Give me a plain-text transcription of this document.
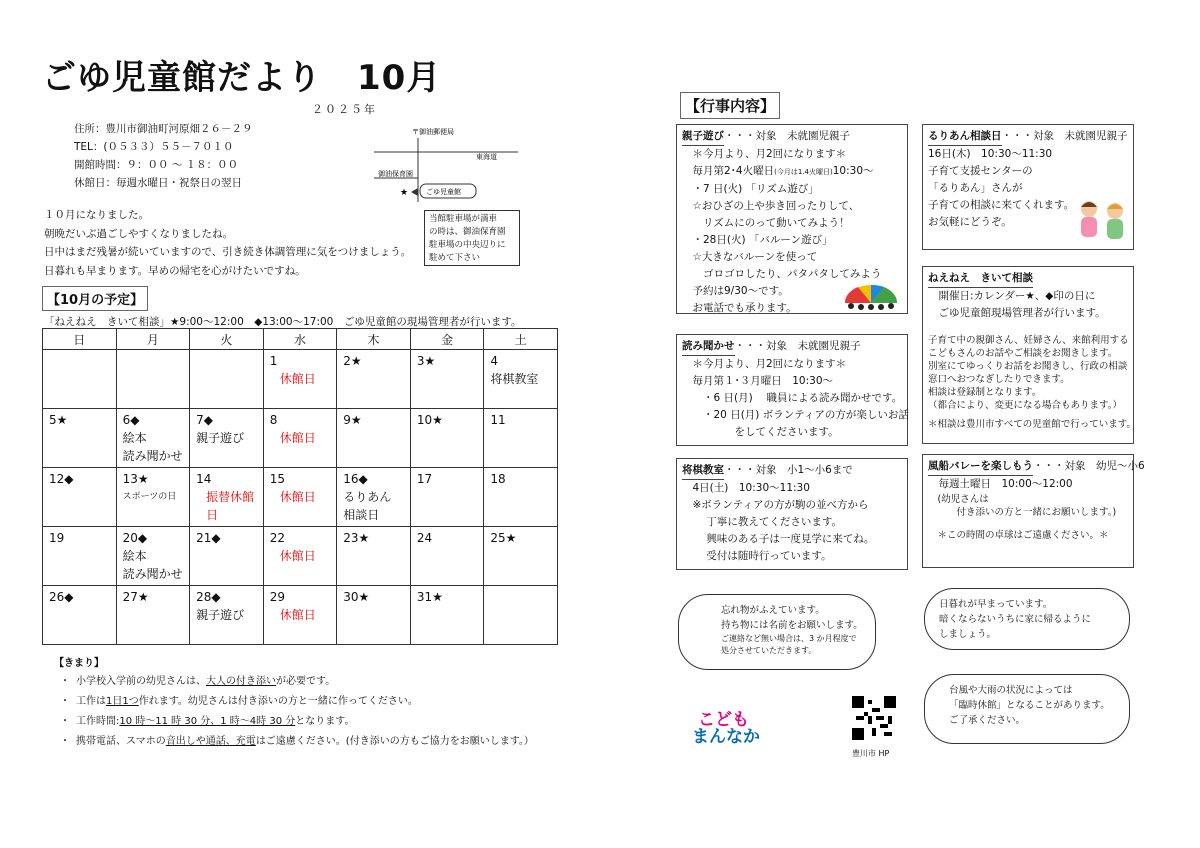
ごゆ児童館だより　10月
２０２５年
住所：豊川市御油町河原畑２６－２９
TEL：(０５３３）５５－７０１０
開館時間：９：００ ～ １８：００
休館日：毎週水曜日・祝祭日の翌日
〒御油郵便局
東海道
御油保育園
★	ごゆ児童館
当館駐車場が満車
の時は、御油保育園
駐車場の中央辺りに
駐めて下さい
１０月になりました。
朝晩だいぶ過ごしやすくなりましたね。
日中はまだ残暑が続いていますので、引き続き体調管理に気をつけましょう。
日暮れも早まります。早めの帰宅を心がけたいですね。
【10月の予定】
「ねえねえ　きいて相談」★9:00～12:00　◆13:00～17:00　ごゆ児童館の現場管理者が行います。
日	月	火	水	木	金	土

			1
休館日	2★	3★	4
将棋教室

5★	6◆
絵本
読み聞かせ	7◆
親子遊び	8
休館日	9★	10★	11

12◆	13★
スポーツの日	14
振替休館日	15
休館日	16◆
るりあん
相談日	17	18

19	20◆
絵本
読み聞かせ	21◆	22
休館日	23★	24	25★

26◆	27★	28◆
親子遊び	29
休館日	30★	31★	

【きまり】
・ 小学校入学前の幼児さんは、大人の付き添いが必要です。
・ 工作は1日1つ作れます。幼児さんは付き添いの方と一緒に作ってください。
・ 工作時間:10 時～11 時 30 分、1 時～4時 30 分となります。
・ 携帯電話、スマホの音出しや通話、充電はご遠慮ください。(付き添いの方もご協力をお願いします。）
【行事内容】
親子遊び・・・対象　未就園児親子
　＊今月より、月2回になります＊
　毎月第2･4火曜日(今月は1.4火曜日)10:30～
　・7 日(火) 「リズム遊び」
　☆おひざの上や歩き回ったりして、
　　リズムにのって動いてみよう！
　・28日(火) 「バルーン遊び」
　☆大きなバルーンを使って
　　ゴロゴロしたり、パタパタしてみよう
　予約は9/30～です。
　お電話でも承ります。
読み聞かせ・・・対象　未就園児親子
　＊今月より、月2回になります＊
　毎月第１･３月曜日　10:30～
　　・6 日(月)　 職員による読み聞かせです。
　　・20 日(月) ボランティアの方が楽しいお話
　　　　　をしてくださいます。
将棋教室・・・対象　小1～小6まで
　4日(土)　10:30～11:30
　※ボランティアの方が駒の並べ方から
　　 丁寧に教えてくださいます。
　　 興味のある子は一度見学に来てね。
　　 受付は随時行っています。
るりあん相談日・・・対象　未就園児親子
16日(木)　10:30～11:30
子育て支援センターの
「るりあん」さんが
子育ての相談に来てくれます。
お気軽にどうぞ。
ねえねえ　きいて相談
　開催日:カレンダー★、◆印の日に
　ごゆ児童館現場管理者が行います。
子育て中の親御さん、妊婦さん、来館利用する
こどもさんのお話やご相談をお聞きします。
別室にてゆっくりお話をお聞きし、行政の相談
窓口へおつなぎしたりできます。
相談は登録制となります。
（都合により、変更になる場合もあります。）
＊相談は豊川市すべての児童館で行っています。
風船バレーを楽しもう・・・対象　幼児～小6
　毎週土曜日　10:00～12:00
　(幼児さんは
　　　付き添いの方と一緒にお願いします。)
　＊この時間の卓球はご遠慮ください。＊
忘れ物がふえています。
持ち物には名前をお願いします。
ご連絡など無い場合は、3 か月程度で
処分させていただきます。
日暮れが早まっています。
暗くならないうちに家に帰るように
しましょう。
台風や大雨の状況によっては
「臨時休館」となることがあります。
ご了承ください。
こども
まんなか
豊川市 HP
